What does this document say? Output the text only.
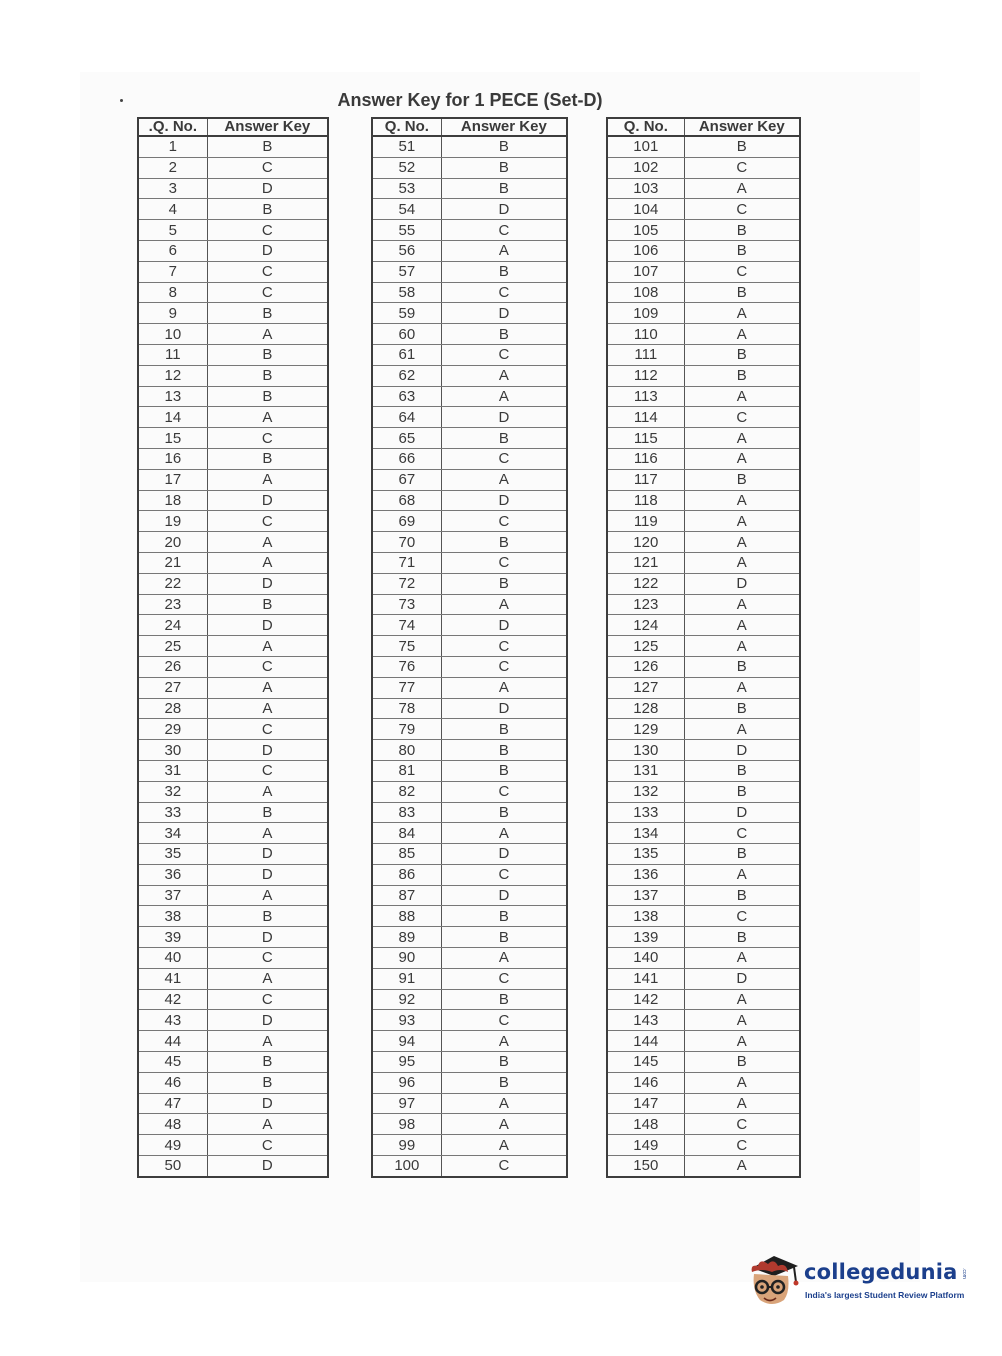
Answer Key for 1 PECE (Set-D)
.Q. No.	Answer Key
1	B
2	C
3	D
4	B
5	C
6	D
7	C
8	C
9	B
10	A
11	B
12	B
13	B
14	A
15	C
16	B
17	A
18	D
19	C
20	A
21	A
22	D
23	B
24	D
25	A
26	C
27	A
28	A
29	C
30	D
31	C
32	A
33	B
34	A
35	D
36	D
37	A
38	B
39	D
40	C
41	A
42	C
43	D
44	A
45	B
46	B
47	D
48	A
49	C
50	D
Q. No.	Answer Key
51	B
52	B
53	B
54	D
55	C
56	A
57	B
58	C
59	D
60	B
61	C
62	A
63	A
64	D
65	B
66	C
67	A
68	D
69	C
70	B
71	C
72	B
73	A
74	D
75	C
76	C
77	A
78	D
79	B
80	B
81	B
82	C
83	B
84	A
85	D
86	C
87	D
88	B
89	B
90	A
91	C
92	B
93	C
94	A
95	B
96	B
97	A
98	A
99	A
100	C
Q. No.	Answer Key
101	B
102	C
103	A
104	C
105	B
106	B
107	C
108	B
109	A
110	A
111	B
112	B
113	A
114	C
115	A
116	A
117	B
118	A
119	A
120	A
121	A
122	D
123	A
124	A
125	A
126	B
127	A
128	B
129	A
130	D
131	B
132	B
133	D
134	C
135	B
136	A
137	B
138	C
139	B
140	A
141	D
142	A
143	A
144	A
145	B
146	A
147	A
148	C
149	C
150	A
collegedunia .com
India's largest Student Review Platform
